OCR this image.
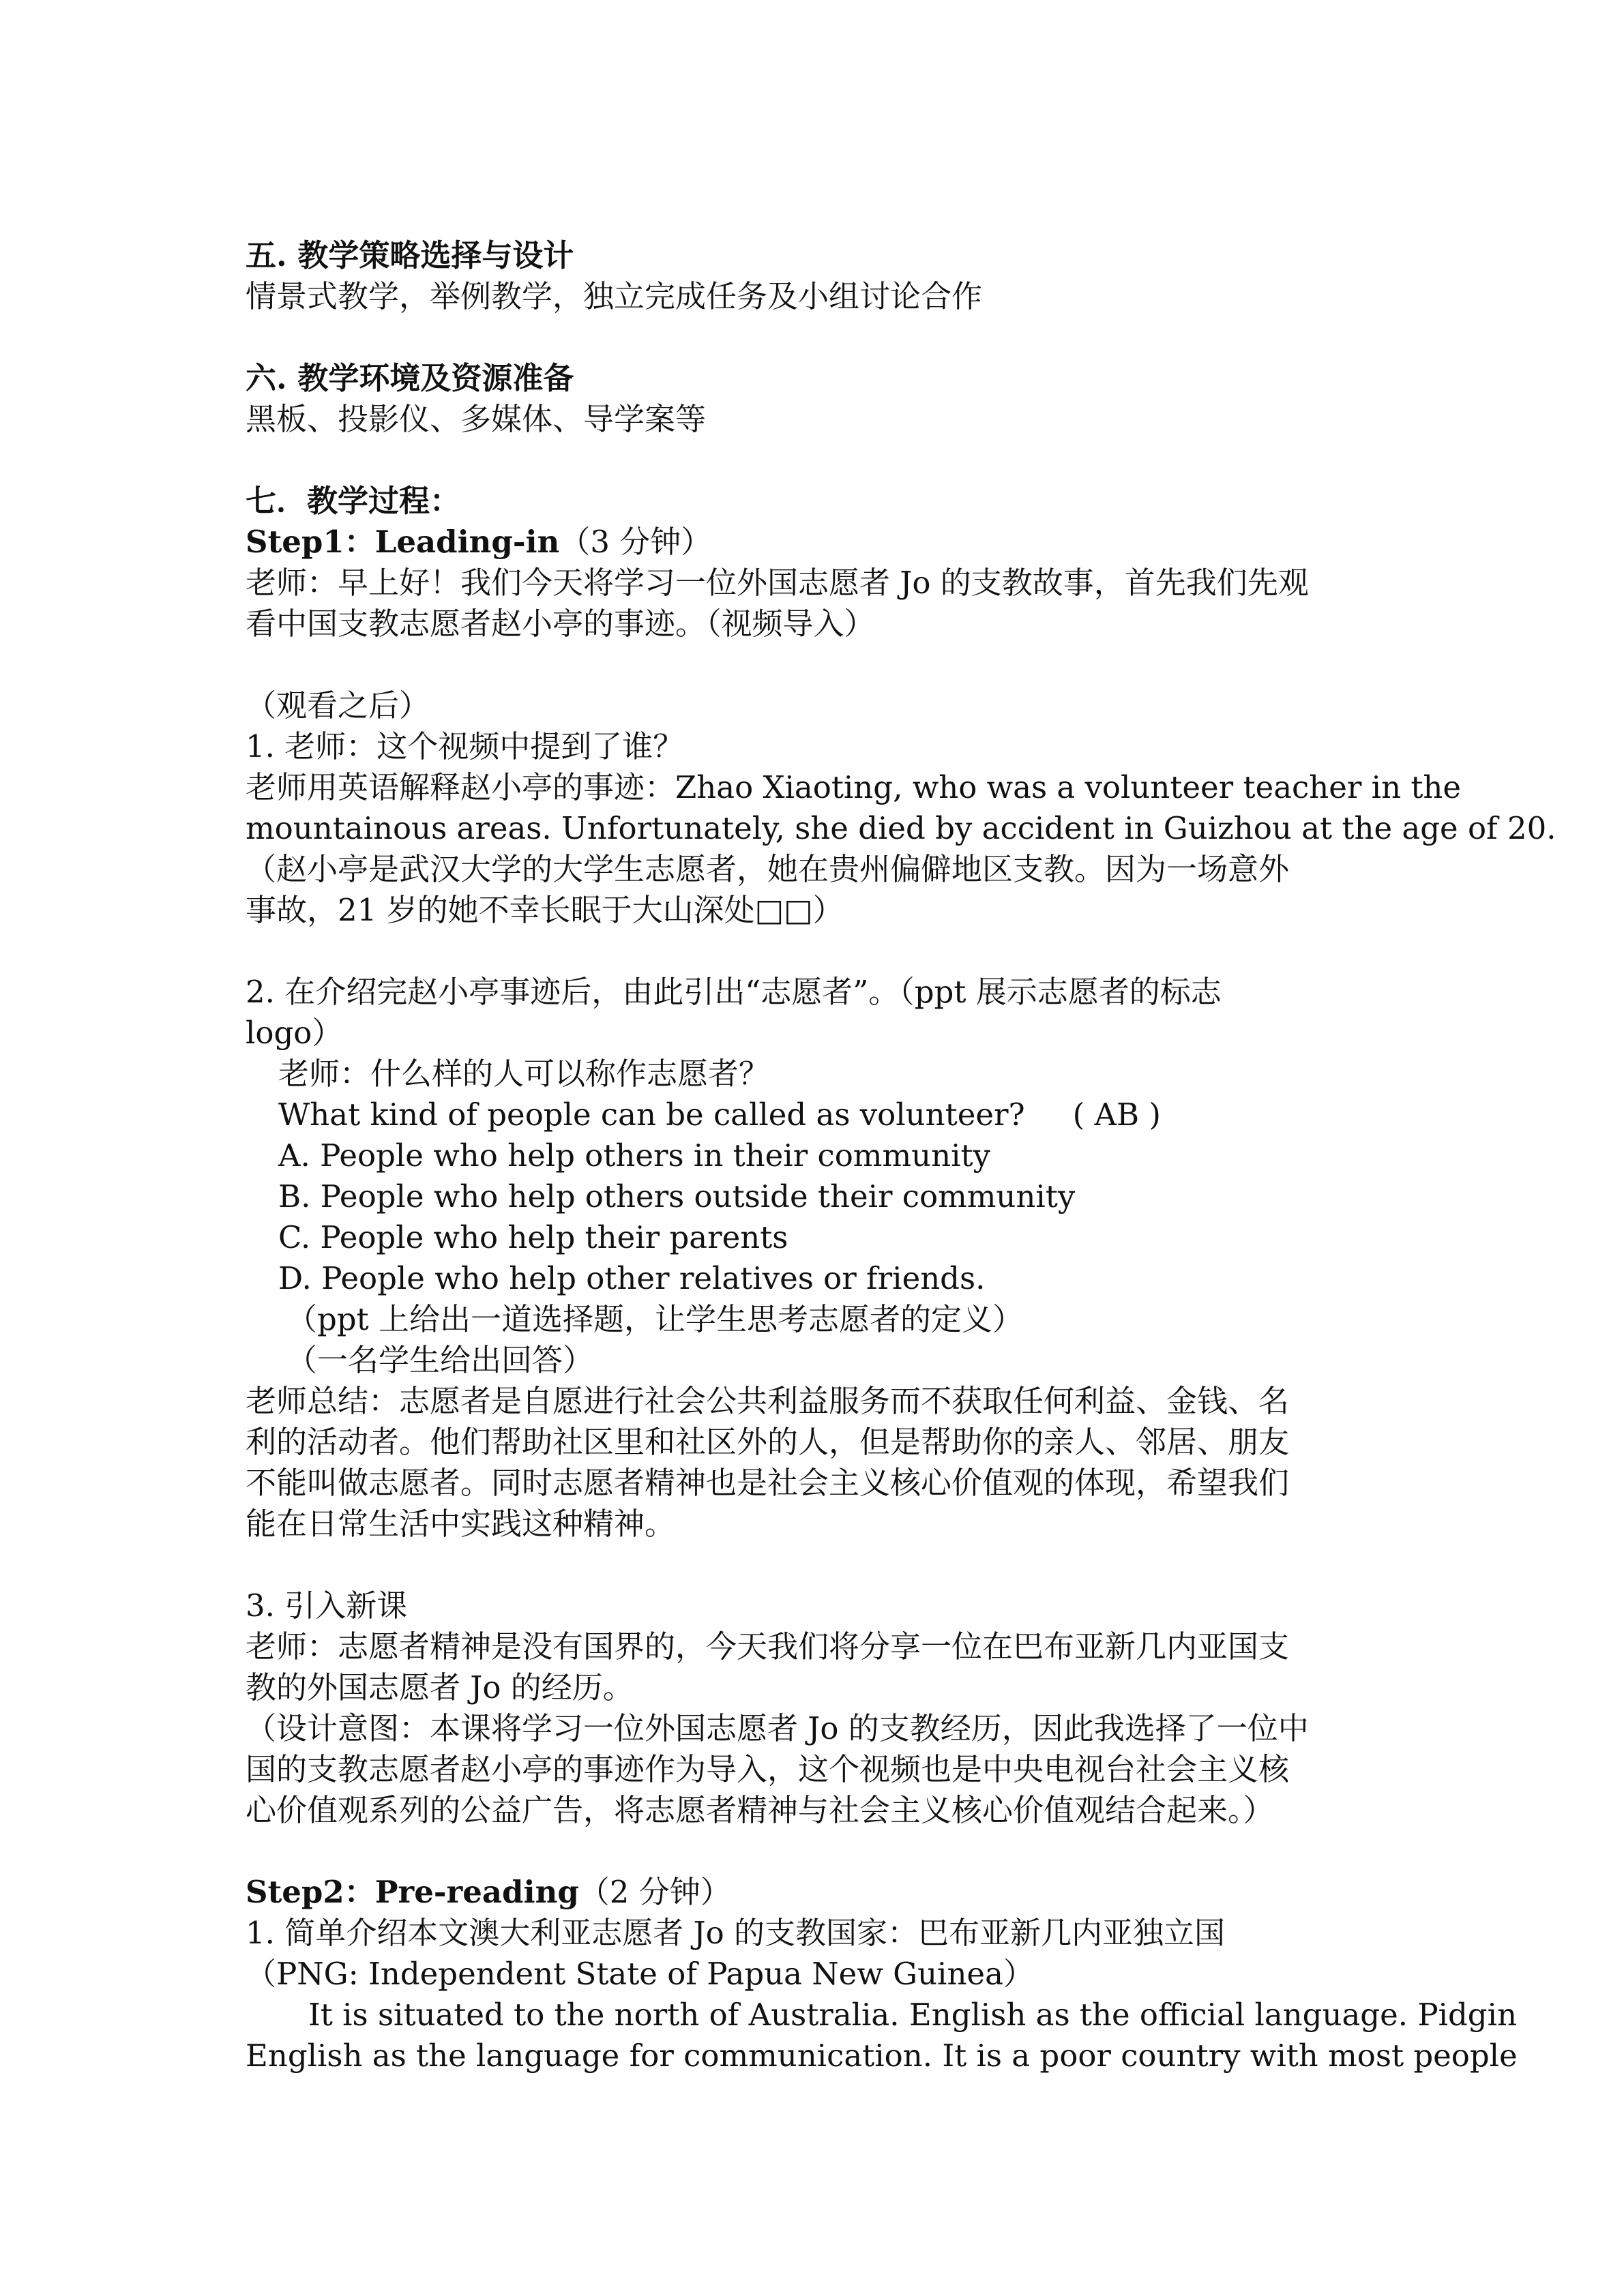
五. 教学策略选择与设计
情景式教学，举例教学，独立完成任务及小组讨论合作
六. 教学环境及资源准备
黑板、投影仪、多媒体、导学案等
七．教学过程：
Step1：Leading-in（3 分钟）
老师：早上好！我们今天将学习一位外国志愿者 Jo 的支教故事，首先我们先观
看中国支教志愿者赵小亭的事迹。（视频导入）
（观看之后）
1. 老师：这个视频中提到了谁？
老师用英语解释赵小亭的事迹：Zhao Xiaoting, who was a volunteer teacher in the
mountainous areas. Unfortunately, she died by accident in Guizhou at the age of 20.
（赵小亭是武汉大学的大学生志愿者，她在贵州偏僻地区支教。因为一场意外
事故，21 岁的她不幸长眠于大山深处□□）
2. 在介绍完赵小亭事迹后，由此引出“志愿者”。（ppt 展示志愿者的标志
logo）
老师：什么样的人可以称作志愿者？
What kind of people can be called as volunteer? ( AB )
A. People who help others in their community
B. People who help others outside their community
C. People who help their parents
D. People who help other relatives or friends.
（ppt 上给出一道选择题，让学生思考志愿者的定义）
（一名学生给出回答）
老师总结：志愿者是自愿进行社会公共利益服务而不获取任何利益、金钱、名
利的活动者。他们帮助社区里和社区外的人，但是帮助你的亲人、邻居、朋友
不能叫做志愿者。同时志愿者精神也是社会主义核心价值观的体现，希望我们
能在日常生活中实践这种精神。
3. 引入新课
老师：志愿者精神是没有国界的，今天我们将分享一位在巴布亚新几内亚国支
教的外国志愿者 Jo 的经历。
（设计意图：本课将学习一位外国志愿者 Jo 的支教经历，因此我选择了一位中
国的支教志愿者赵小亭的事迹作为导入，这个视频也是中央电视台社会主义核
心价值观系列的公益广告，将志愿者精神与社会主义核心价值观结合起来。）
Step2：Pre-reading（2 分钟）
1. 简单介绍本文澳大利亚志愿者 Jo 的支教国家：巴布亚新几内亚独立国
（PNG: Independent State of Papua New Guinea）
It is situated to the north of Australia. English as the official language. Pidgin
English as the language for communication. It is a poor country with most people
